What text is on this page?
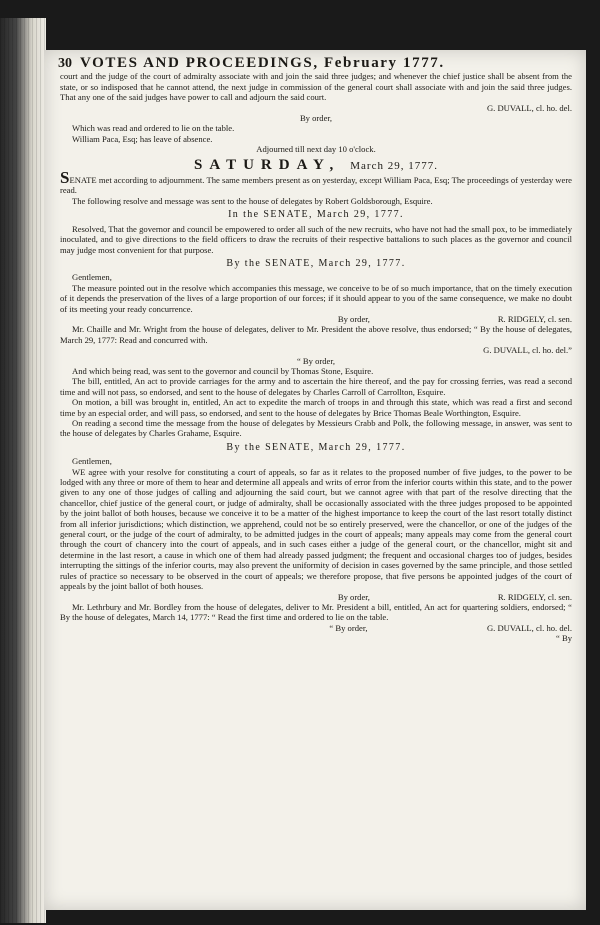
30 VOTES AND PROCEEDINGS, February 1777.

court and the judge of the court of admiralty associate with and join the said three judges; and whenever the chief justice shall be absent from the state, or so indisposed that he cannot attend, the next judge in commission of the general court shall associate with and join the said three judges. That any one of the said judges have power to call and adjourn the said court.

G. DUVALL, cl. ho. del.

By order,

Which was read and ordered to lie on the table.

William Paca, Esq; has leave of absence.

Adjourned till next day 10 o'clock.

SATURDAY, March 29, 1777.

SENATE met according to adjournment. The same members present as on yesterday, except William Paca, Esq; The proceedings of yesterday were read.

The following resolve and message was sent to the house of delegates by Robert Goldsborough, Esquire.

In the SENATE, March 29, 1777.

Resolved, That the governor and council be empowered to order all such of the new recruits, who have not had the small pox, to be immediately inoculated, and to give directions to the field officers to draw the recruits of their respective battalions to such places as the governor and council may judge most convenient for that purpose.

By the SENATE, March 29, 1777.

Gentlemen,

The measure pointed out in the resolve which accompanies this message, we conceive to be of so much importance, that on the timely execution of it depends the preservation of the lives of a large proportion of our forces; if it should appear to you of the same consequence, we make no doubt of its meeting your ready concurrence.

By order,	R. RIDGELY, cl. sen.

Mr. Chaille and Mr. Wright from the house of delegates, deliver to Mr. President the above resolve, thus endorsed; “ By the house of delegates, March 29, 1777: Read and concurred with.

G. DUVALL, cl. ho. del.”

“ By order,

And which being read, was sent to the governor and council by Thomas Stone, Esquire.

The bill, entitled, An act to provide carriages for the army and to ascertain the hire thereof, and the pay for crossing ferries, was read a second time and will not pass, so endorsed, and sent to the house of delegates by Charles Carroll of Carrollton, Esquire.

On motion, a bill was brought in, entitled, An act to expedite the march of troops in and through this state, which was read a first and second time by an especial order, and will pass, so endorsed, and sent to the house of delegates by Brice Thomas Beale Worthington, Esquire.

On reading a second time the message from the house of delegates by Messieurs Crabb and Polk, the following message, in answer, was sent to the house of delegates by Charles Grahame, Esquire.

By the SENATE, March 29, 1777.

Gentlemen,

WE agree with your resolve for constituting a court of appeals, so far as it relates to the proposed number of five judges, to the power to be lodged with any three or more of them to hear and determine all appeals and writs of error from the inferior courts within this state, and to the power given to any one of those judges of calling and adjourning the said court, but we cannot agree with that part of the resolve directing that the chancellor, chief justice of the general court, or judge of admiralty, shall be occasionally associated with the three judges proposed to be appointed by the joint ballot of both houses, because we conceive it to be a matter of the highest importance to keep the court of the last resort totally distinct from all inferior jurisdictions; which distinction, we apprehend, could not be so entirely preserved, were the chancellor, or one of the judges of the general court, or the judge of the court of admiralty, to be admitted judges in the court of appeals; many appeals may come from the general court through the court of chancery into the court of appeals, and in such cases either a judge of the general court, or the chancellor, might sit and determine in the last resort, a cause in which one of them had already passed judgment; the frequent and occasional charges too of judges, besides interrupting the sittings of the inferior courts, may also prevent the uniformity of decision in cases governed by the same principle, and those settled rules of practice so necessary to be observed in the court of appeals; we therefore propose, that five persons be appointed judges of the court of appeals by the joint ballot of both houses.

By order,	R. RIDGELY, cl. sen.

Mr. Lethrbury and Mr. Bordley from the house of delegates, deliver to Mr. President a bill, entitled, An act for quartering soldiers, endorsed; “ By the house of delegates, March 14, 1777: “ Read the first time and ordered to lie on the table.

“ By order,	G. DUVALL, cl. ho. del.

“ By
